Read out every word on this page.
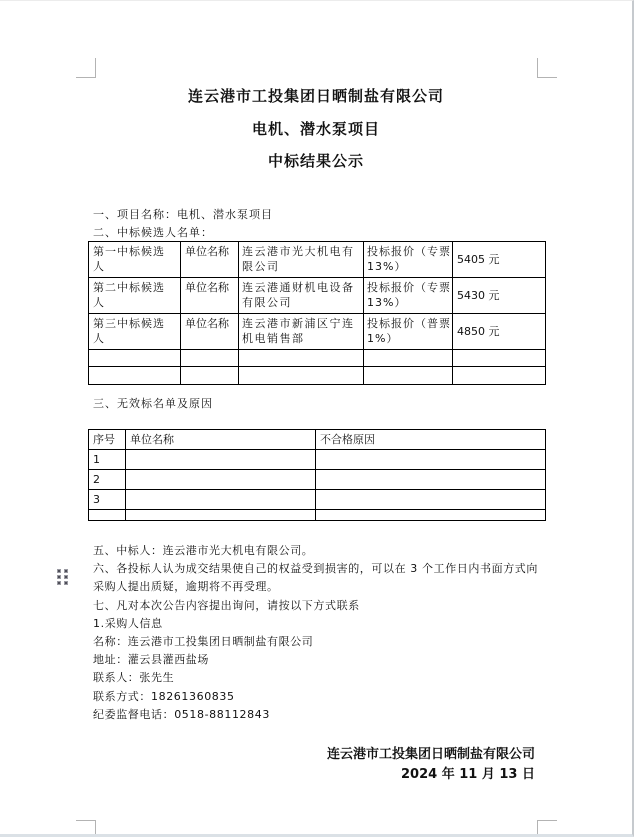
连云港市工投集团日晒制盐有限公司
电机、潜水泵项目
中标结果公示
一、项目名称：电机、潜水泵项目
二、中标候选人名单：
第一中标候选人	单位名称	连云港市光大机电有限公司	投标报价（专票 13%）	5405 元
第二中标候选人	单位名称	连云港通财机电设备有限公司	投标报价（专票 13%）	5430 元
第三中标候选人	单位名称	连云港市新浦区宁连机电销售部	投标报价（普票 1%）	4850 元

三、无效标名单及原因
序号	单位名称	不合格原因
1		
2		
3		

五、中标人：连云港市光大机电有限公司。

六、各投标人认为成交结果使自己的权益受到损害的，可以在 3 个工作日内书面方式向采购人提出质疑，逾期将不再受理。

七、凡对本次公告内容提出询问，请按以下方式联系

1.采购人信息

名称：连云港市工投集团日晒制盐有限公司

地址：灌云县灌西盐场

联系人：张先生

联系方式：18261360835

纪委监督电话：0518-88112843

连云港市工投集团日晒制盐有限公司
2024 年 11 月 13 日
